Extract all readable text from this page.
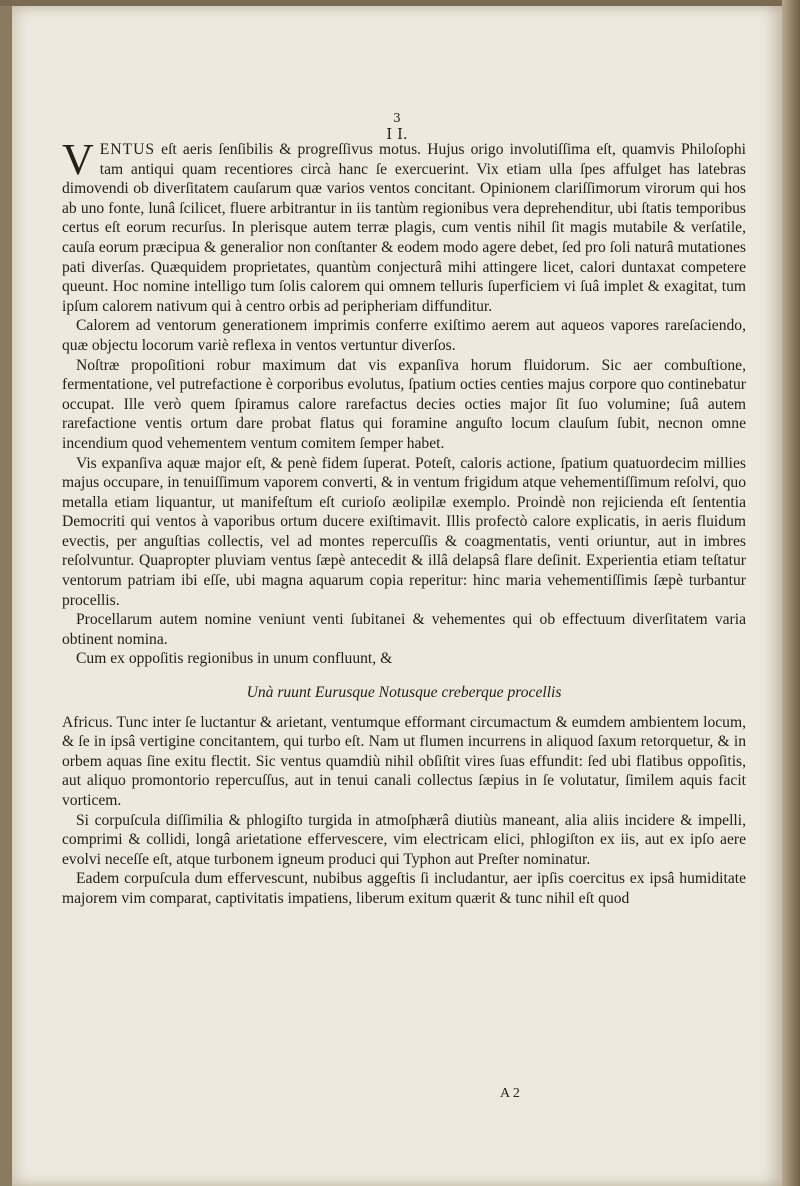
3
I I.

VENTUS eſt aeris ſenſibilis & progreſſivus motus. Hujus origo involutiſſima eſt, quamvis Philoſophi tam antiqui quam recentiores circà hanc ſe exercuerint. Vix etiam ulla ſpes affulget has latebras dimovendi ob diverſitatem cauſarum quæ varios ventos concitant. Opinionem clariſſimorum virorum qui hos ab uno fonte, lunâ ſcilicet, fluere arbitrantur in iis tantùm regionibus vera deprehenditur, ubi ſtatis temporibus certus eſt eorum recurſus. In plerisque autem terræ plagis, cum ventis nihil ſit magis mutabile & verſatile, cauſa eorum præcipua & generalior non conſtanter & eodem modo agere debet, ſed pro ſoli naturâ mutationes pati diverſas. Quæquidem proprietates, quantùm conjecturâ mihi attingere licet, calori duntaxat competere queunt. Hoc nomine intelligo tum ſolis calorem qui omnem telluris ſuperficiem vi ſuâ implet & exagitat, tum ipſum calorem nativum qui à centro orbis ad peripheriam diffunditur.

Calorem ad ventorum generationem imprimis conferre exiſtimo aerem aut aqueos vapores rareſaciendo, quæ objectu locorum variè reflexa in ventos vertuntur diverſos.

Noſtræ propoſitioni robur maximum dat vis expanſiva horum fluidorum. Sic aer combuſtione, fermentatione, vel putrefactione è corporibus evolutus, ſpatium octies centies majus corpore quo continebatur occupat. Ille verò quem ſpiramus calore rarefactus decies octies major ſit ſuo volumine; ſuâ autem rarefactione ventis ortum dare probat flatus qui foramine anguſto locum clauſum ſubit, necnon omne incendium quod vehementem ventum comitem ſemper habet.

Vis expanſiva aquæ major eſt, & penè fidem ſuperat. Poteſt, caloris actione, ſpatium quatuordecim millies majus occupare, in tenuiſſimum vaporem converti, & in ventum frigidum atque vehementiſſimum reſolvi, quo metalla etiam liquantur, ut manifeſtum eſt curioſo æolipilæ exemplo. Proindè non rejicienda eſt ſententia Democriti qui ventos à vaporibus ortum ducere exiſtimavit. Illis profectò calore explicatis, in aeris fluidum evectis, per anguſtias collectis, vel ad montes repercuſſis & coagmentatis, venti oriuntur, aut in imbres reſolvuntur. Quapropter pluviam ventus ſæpè antecedit & illâ delapsâ flare deſinit. Experientia etiam teſtatur ventorum patriam ibi eſſe, ubi magna aquarum copia reperitur: hinc maria vehementiſſimis ſæpè turbantur procellis.

Procellarum autem nomine veniunt venti ſubitanei & vehementes qui ob effectuum diverſitatem varia obtinent nomina.

Cum ex oppoſitis regionibus in unum confluunt, &

Unà ruunt Eurusque Notusque creberque procellis

Africus. Tunc inter ſe luctantur & arietant, ventumque efformant circumactum & eumdem ambientem locum, & ſe in ipsâ vertigine concitantem, qui turbo eſt. Nam ut flumen incurrens in aliquod ſaxum retorquetur, & in orbem aquas ſine exitu flectit. Sic ventus quamdiù nihil obſiſtit vires ſuas effundit: ſed ubi flatibus oppoſitis, aut aliquo promontorio repercuſſus, aut in tenui canali collectus ſæpius in ſe volutatur, ſimilem aquis facit vorticem.

Si corpuſcula diſſimilia & phlogiſto turgida in atmoſphærâ diutiùs maneant, alia aliis incidere & impelli, comprimi & collidi, longâ arietatione effervescere, vim electricam elici, phlogiſton ex iis, aut ex ipſo aere evolvi neceſſe eſt, atque turbonem igneum produci qui Typhon aut Preſter nominatur.

Eadem corpuſcula dum effervescunt, nubibus aggeſtis ſi includantur, aer ipſis coercitus ex ipsâ humiditate majorem vim comparat, captivitatis impatiens, liberum exitum quærit & tunc nihil eſt quod

A 2
